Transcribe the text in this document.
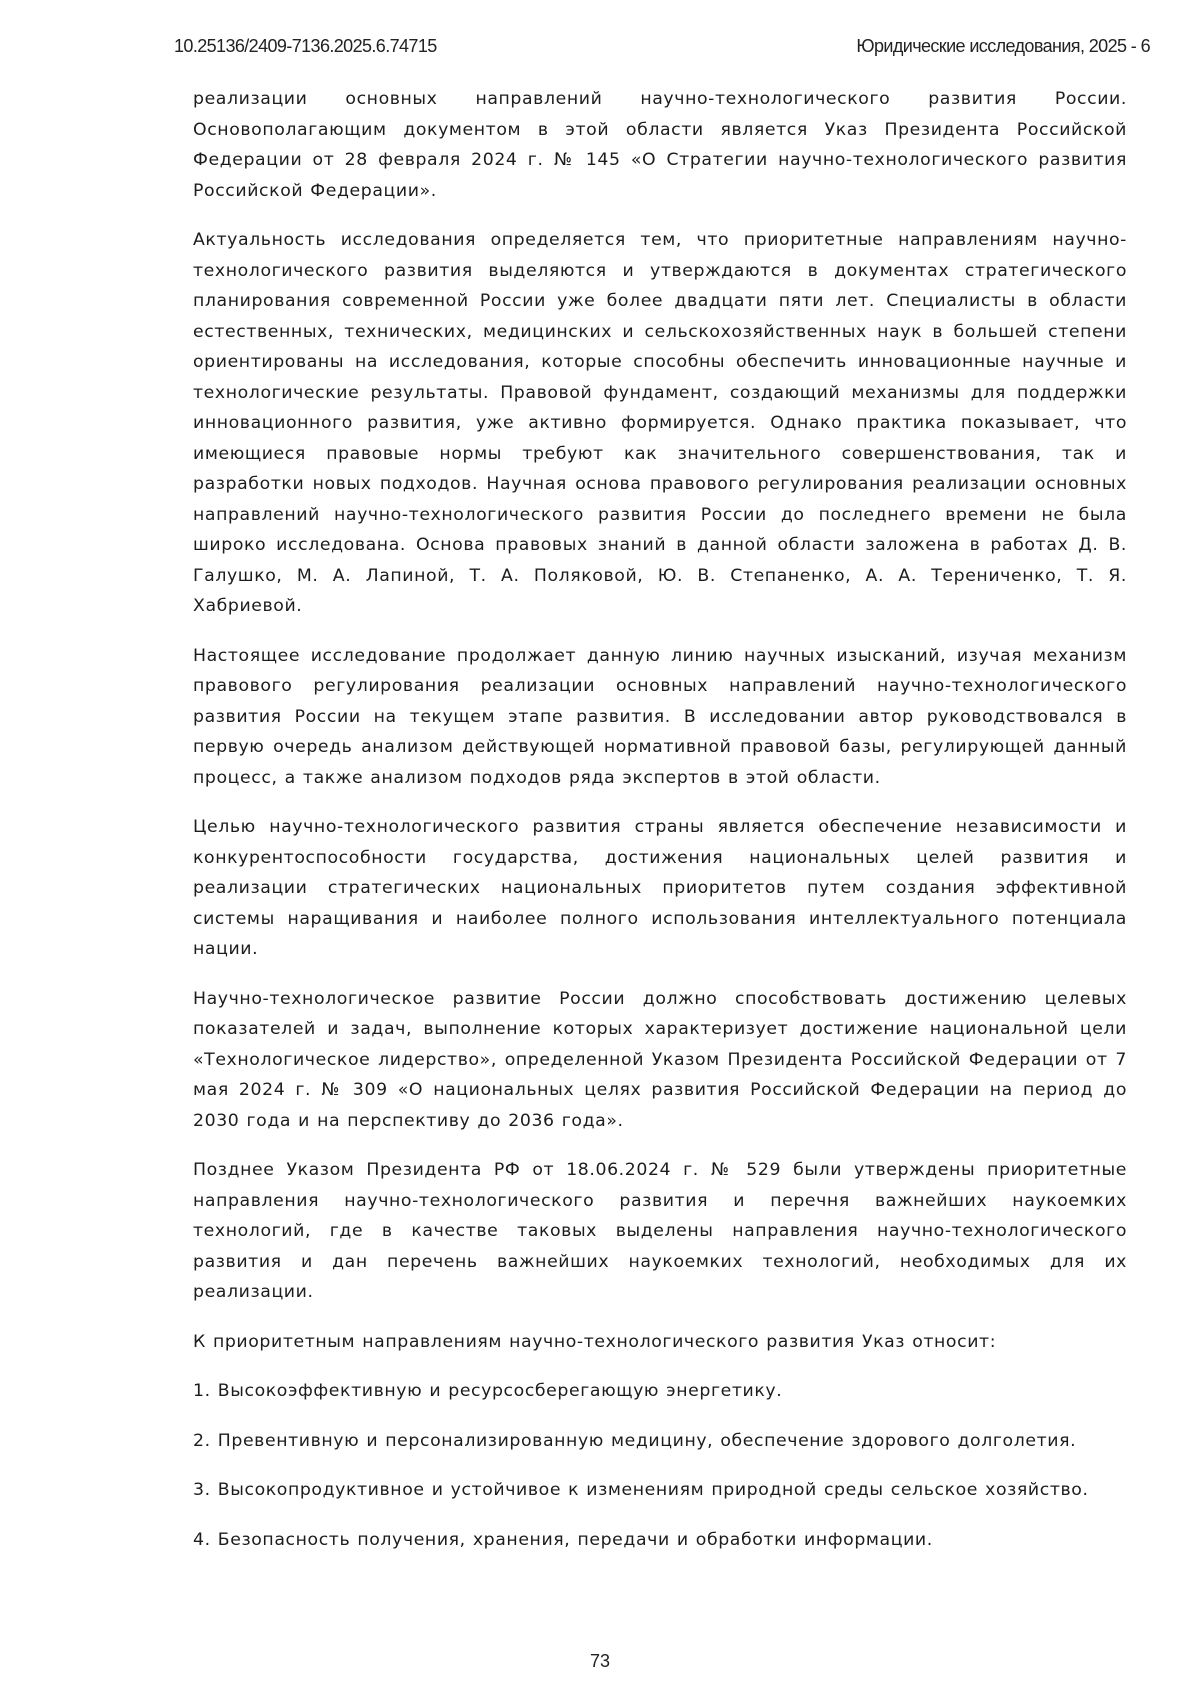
10.25136/2409-7136.2025.6.74715	Юридические исследования, 2025 - 6

реализации основных направлений научно-технологического развития России. Основополагающим документом в этой области является Указ Президента Российской Федерации от 28 февраля 2024 г. № 145 «О Стратегии научно-технологического развития Российской Федерации».

Актуальность исследования определяется тем, что приоритетные направлениям научно-технологического развития выделяются и утверждаются в документах стратегического планирования современной России уже более двадцати пяти лет. Специалисты в области естественных, технических, медицинских и сельскохозяйственных наук в большей степени ориентированы на исследования, которые способны обеспечить инновационные научные и технологические результаты. Правовой фундамент, создающий механизмы для поддержки инновационного развития, уже активно формируется. Однако практика показывает, что имеющиеся правовые нормы требуют как значительного совершенствования, так и разработки новых подходов. Научная основа правового регулирования реализации основных направлений научно-технологического развития России до последнего времени не была широко исследована. Основа правовых знаний в данной области заложена в работах Д. В. Галушко, М. А. Лапиной, Т. А. Поляковой, Ю. В. Степаненко, А. А. Терениченко, Т. Я. Хабриевой.

Настоящее исследование продолжает данную линию научных изысканий, изучая механизм правового регулирования реализации основных направлений научно-технологического развития России на текущем этапе развития. В исследовании автор руководствовался в первую очередь анализом действующей нормативной правовой базы, регулирующей данный процесс, а также анализом подходов ряда экспертов в этой области.

Целью научно-технологического развития страны является обеспечение независимости и конкурентоспособности государства, достижения национальных целей развития и реализации стратегических национальных приоритетов путем создания эффективной системы наращивания и наиболее полного использования интеллектуального потенциала нации.

Научно-технологическое развитие России должно способствовать достижению целевых показателей и задач, выполнение которых характеризует достижение национальной цели «Технологическое лидерство», определенной Указом Президента Российской Федерации от 7 мая 2024 г. № 309 «О национальных целях развития Российской Федерации на период до 2030 года и на перспективу до 2036 года».

Позднее Указом Президента РФ от 18.06.2024 г. № 529 были утверждены приоритетные направления научно-технологического развития и перечня важнейших наукоемких технологий, где в качестве таковых выделены направления научно-технологического развития и дан перечень важнейших наукоемких технологий, необходимых для их реализации.

К приоритетным направлениям научно-технологического развития Указ относит:

1. Высокоэффективную и ресурсосберегающую энергетику.

2. Превентивную и персонализированную медицину, обеспечение здорового долголетия.

3. Высокопродуктивное и устойчивое к изменениям природной среды сельское хозяйство.

4. Безопасность получения, хранения, передачи и обработки информации.

73
